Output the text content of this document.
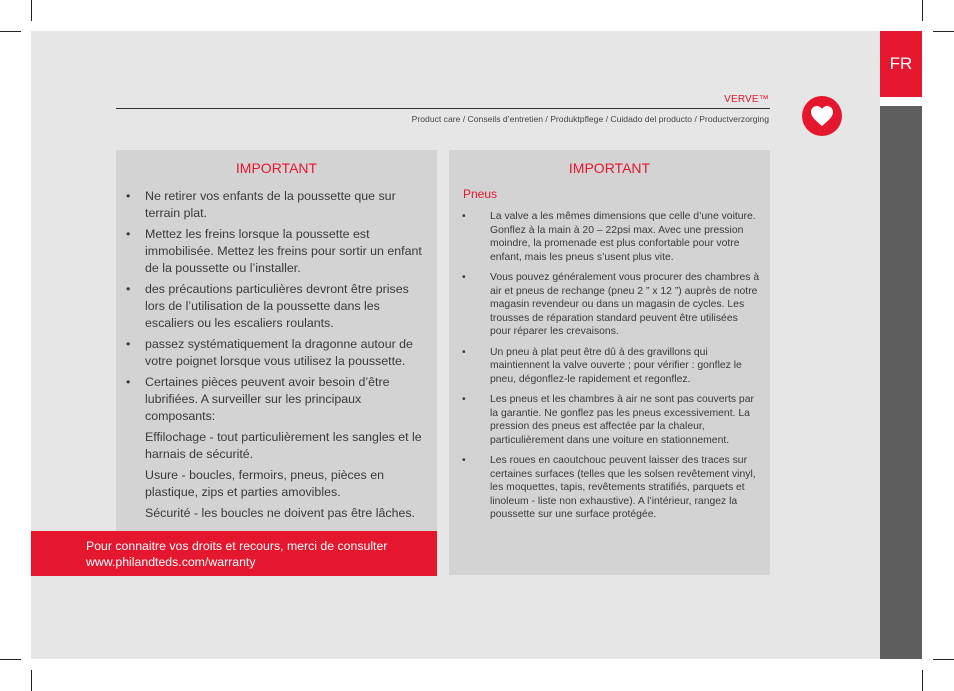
FR
VERVE™
Product care / Conseils d’entretien / Produktpflege / Cuidado del producto / Productverzorging
IMPORTANT
• Ne retirer vos enfants de la poussette que sur terrain plat.
• Mettez les freins lorsque la poussette est immobilisée. Mettez les freins pour sortir un enfant de la poussette ou l’installer.
• des précautions particulières devront être prises lors de l’utilisation de la poussette dans les escaliers ou les escaliers roulants.
• passez systématiquement la dragonne autour de votre poignet lorsque vous utilisez la poussette.
• Certaines pièces peuvent avoir besoin d’être lubrifiées. A surveiller sur les principaux composants:

Effilochage - tout particulièrement les sangles et le harnais de sécurité.

Usure - boucles, fermoirs, pneus, pièces en plastique, zips et parties amovibles.

Sécurité - les boucles ne doivent pas être lâches.

IMPORTANT
Pneus
• La valve a les mêmes dimensions que celle d’une voiture. Gonflez à la main à 20 – 22psi max. Avec une pression moindre, la promenade est plus confortable pour votre enfant, mais les pneus s’usent plus vite.
• Vous pouvez généralement vous procurer des chambres à air et pneus de rechange (pneu 2 ” x 12 ”) auprès de notre magasin revendeur ou dans un magasin de cycles. Les trousses de réparation standard peuvent être utilisées pour réparer les crevaisons.
• Un pneu à plat peut être dû à des gravillons qui maintiennent la valve ouverte ; pour vérifier : gonflez le pneu, dégonflez-le rapidement et regonflez.
• Les pneus et les chambres à air ne sont pas couverts par la garantie. Ne gonflez pas les pneus excessivement. La pression des pneus est affectée par la chaleur, particulièrement dans une voiture en stationnement.
• Les roues en caoutchouc peuvent laisser des traces sur certaines surfaces (telles que les solsen revêtement vinyl, les moquettes, tapis, revêtements stratifiés, parquets et linoleum - liste non exhaustive). A l’intérieur, rangez la poussette sur une surface protégée.
Pour connaitre vos droits et recours, merci de consulter
www.philandteds.com/warranty
